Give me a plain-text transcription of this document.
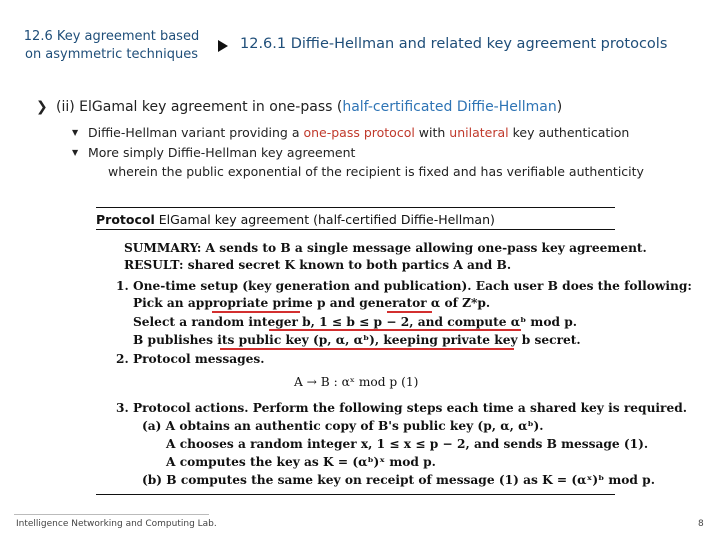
12.6 Key agreement based
on asymmetric techniques
12.6.1 Diffie-Hellman and related key agreement protocols
❯ (ii) ElGamal key agreement in one-pass (half-certificated Diffie-Hellman)
▼ Diffie-Hellman variant providing a one-pass protocol with unilateral key authentication
▼ More simply Diffie-Hellman key agreement
wherein the public exponential of the recipient is fixed and has verifiable authenticity
Protocol ElGamal key agreement (half-certified Diffie-Hellman)
SUMMARY: A sends to B a single message allowing one-pass key agreement.
RESULT: shared secret K known to both partics A and B.
1. One-time setup (key generation and publication). Each user B does the following:
Pick an appropriate prime p and generator α of Z*p.
Select a random integer b, 1 ≤ b ≤ p − 2, and compute αᵇ mod p.
B publishes its public key (p, α, αᵇ), keeping private key b secret.
2. Protocol messages.
A → B : αˣ mod p (1)
3. Protocol actions. Perform the following steps each time a shared key is required.
(a) A obtains an authentic copy of B's public key (p, α, αᵇ).
A chooses a random integer x, 1 ≤ x ≤ p − 2, and sends B message (1).
A computes the key as K = (αᵇ)ˣ mod p.
(b) B computes the same key on receipt of message (1) as K = (αˣ)ᵇ mod p.
Intelligence Networking and Computing Lab.	8
